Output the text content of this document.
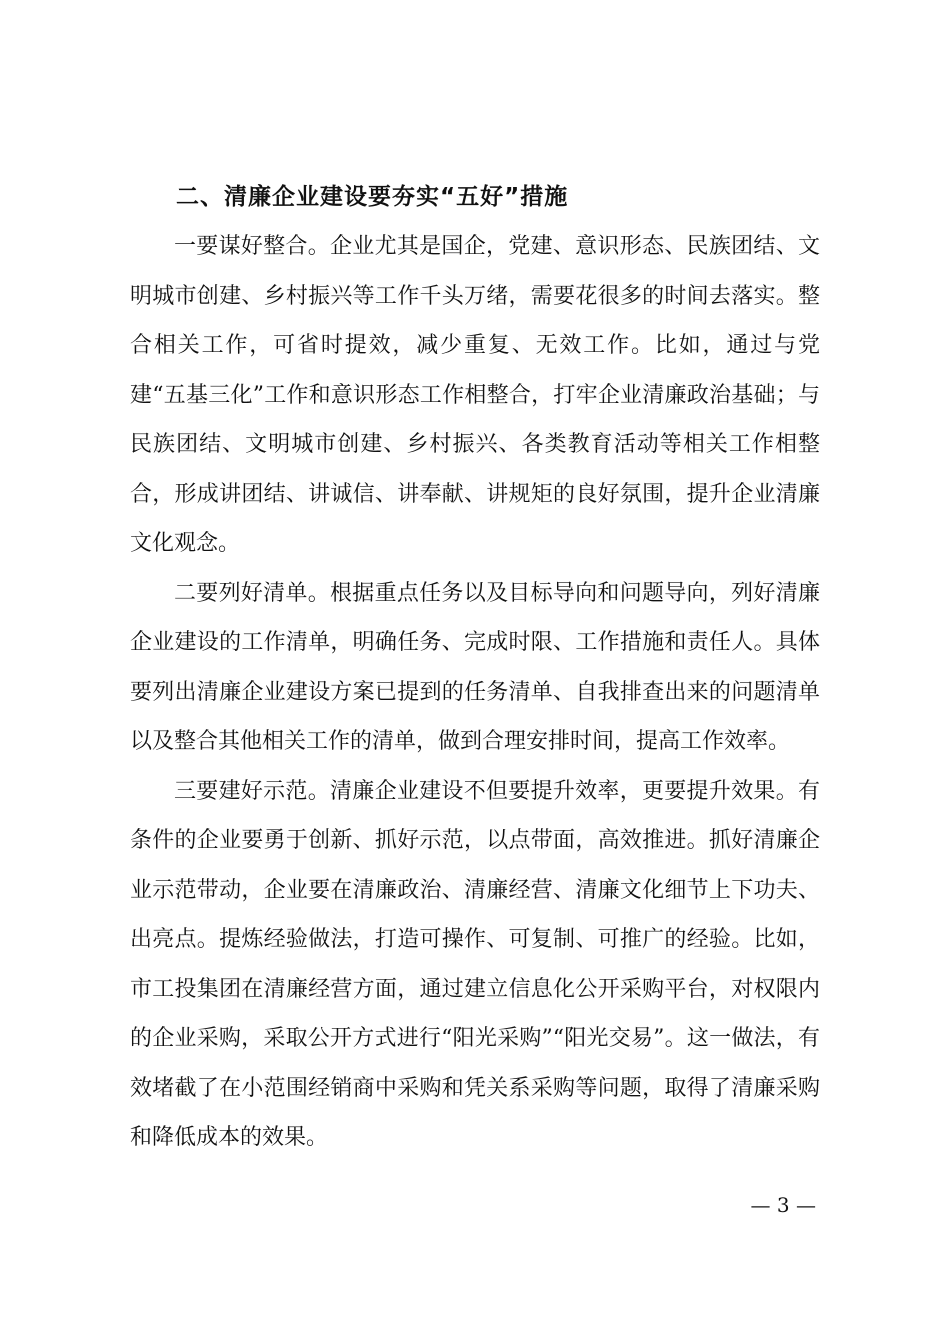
二、清廉企业建设要夯实“五好”措施

一要谋好整合。企业尤其是国企，党建、意识形态、民族团结、文明城市创建、乡村振兴等工作千头万绪，需要花很多的时间去落实。整合相关工作，可省时提效，减少重复、无效工作。比如，通过与党建“五基三化”工作和意识形态工作相整合，打牢企业清廉政治基础；与民族团结、文明城市创建、乡村振兴、各类教育活动等相关工作相整合，形成讲团结、讲诚信、讲奉献、讲规矩的良好氛围，提升企业清廉文化观念。

二要列好清单。根据重点任务以及目标导向和问题导向，列好清廉企业建设的工作清单，明确任务、完成时限、工作措施和责任人。具体要列出清廉企业建设方案已提到的任务清单、自我排查出来的问题清单以及整合其他相关工作的清单，做到合理安排时间，提高工作效率。

三要建好示范。清廉企业建设不但要提升效率，更要提升效果。有条件的企业要勇于创新、抓好示范，以点带面，高效推进。抓好清廉企业示范带动，企业要在清廉政治、清廉经营、清廉文化细节上下功夫、出亮点。提炼经验做法，打造可操作、可复制、可推广的经验。比如，市工投集团在清廉经营方面，通过建立信息化公开采购平台，对权限内的企业采购，采取公开方式进行“阳光采购”“阳光交易”。这一做法，有效堵截了在小范围经销商中采购和凭关系采购等问题，取得了清廉采购和降低成本的效果。

— 3 —
